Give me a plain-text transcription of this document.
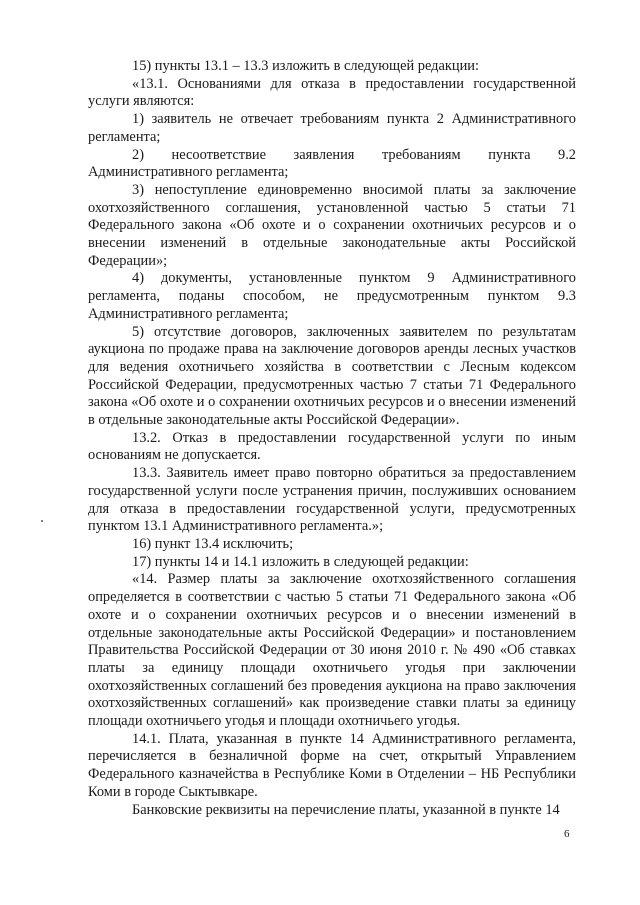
15) пункты 13.1 – 13.3 изложить в следующей редакции:

«13.1. Основаниями для отказа в предоставлении государственной услуги являются:

1) заявитель не отвечает требованиям пункта 2 Административного регламента;

2) несоответствие заявления требованиям пункта 9.2 Административного регламента;

3) непоступление единовременно вносимой платы за заключение охотхозяйственного соглашения, установленной частью 5 статьи 71 Федерального закона «Об охоте и о сохранении охотничьих ресурсов и о внесении изменений в отдельные законодательные акты Российской Федерации»;

4) документы, установленные пунктом 9 Административного регламента, поданы способом, не предусмотренным пунктом 9.3 Административного регламента;

5) отсутствие договоров, заключенных заявителем по результатам аукциона по продаже права на заключение договоров аренды лесных участков для ведения охотничьего хозяйства в соответствии с Лесным кодексом Российской Федерации, предусмотренных частью 7 статьи 71 Федерального закона «Об охоте и о сохранении охотничьих ресурсов и о внесении изменений в отдельные законодательные акты Российской Федерации».

13.2. Отказ в предоставлении государственной услуги по иным основаниям не допускается.

13.3. Заявитель имеет право повторно обратиться за предоставлением государственной услуги после устранения причин, послуживших основанием для отказа в предоставлении государственной услуги, предусмотренных пунктом 13.1 Административного регламента.»;

16) пункт 13.4 исключить;

17) пункты 14 и 14.1 изложить в следующей редакции:

«14. Размер платы за заключение охотхозяйственного соглашения определяется в соответствии с частью 5 статьи 71 Федерального закона «Об охоте и о сохранении охотничьих ресурсов и о внесении изменений в отдельные законодательные акты Российской Федерации» и постановлением Правительства Российской Федерации от 30 июня 2010 г. № 490 «Об ставках платы за единицу площади охотничьего угодья при заключении охотхозяйственных соглашений без проведения аукциона на право заключения охотхозяйственных соглашений» как произведение ставки платы за единицу площади охотничьего угодья и площади охотничьего угодья.

14.1. Плата, указанная в пункте 14 Административного регламента, перечисляется в безналичной форме на счет, открытый Управлением Федерального казначейства в Республике Коми в Отделении – НБ Республики Коми в городе Сыктывкаре.

Банковские реквизиты на перечисление платы, указанной в пункте 14

6
